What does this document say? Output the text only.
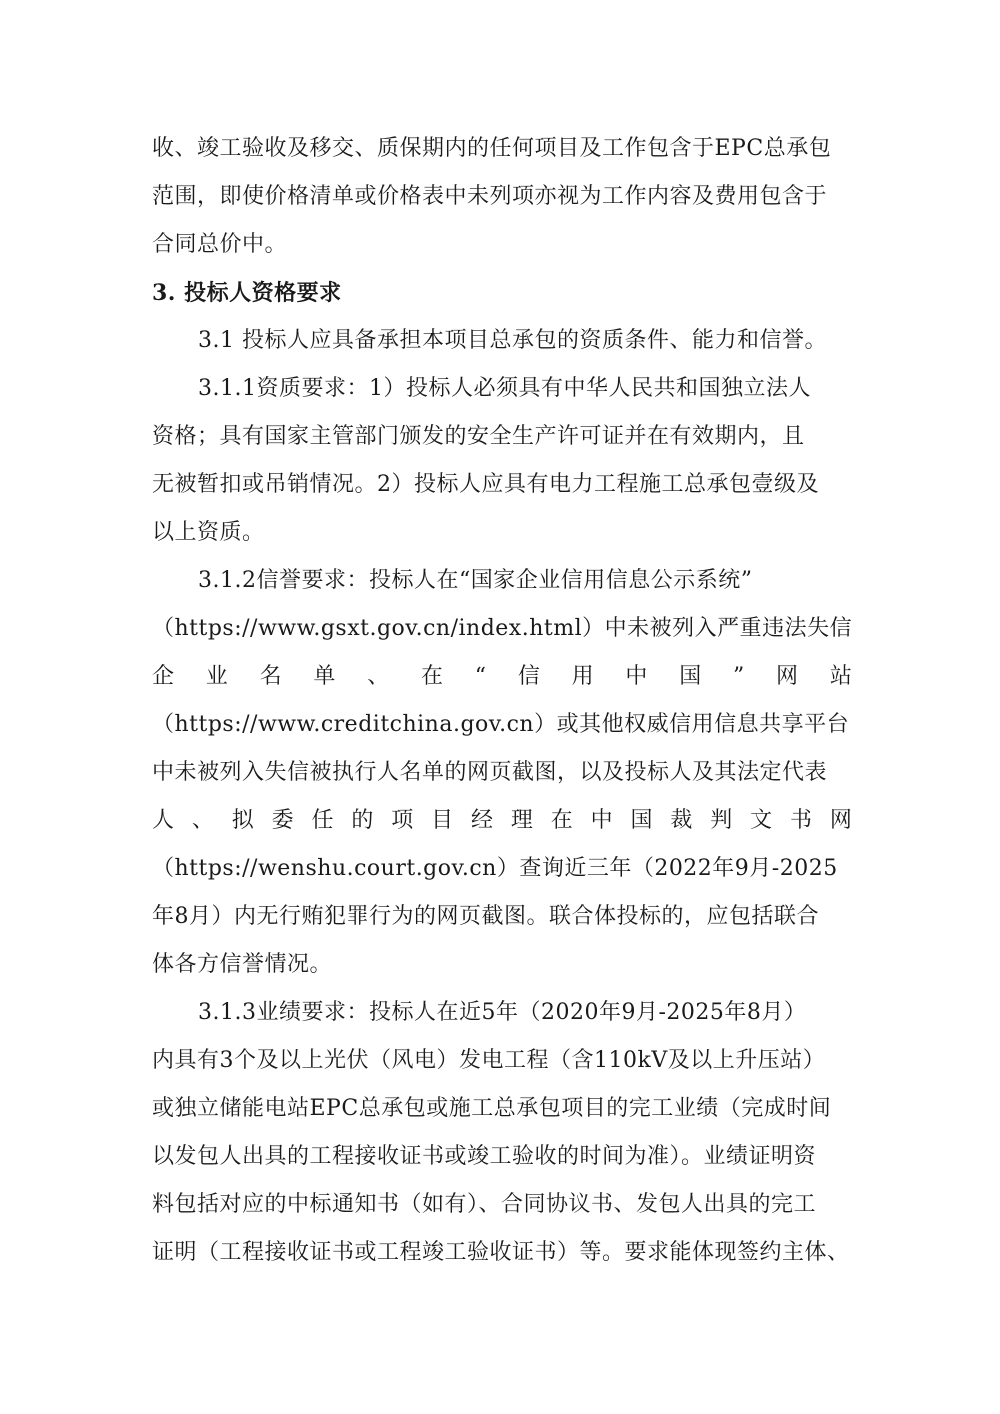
收、竣工验收及移交、质保期内的任何项目及工作包含于EPC总承包
范围，即使价格清单或价格表中未列项亦视为工作内容及费用包含于
合同总价中。
3. 投标人资格要求
3.1 投标人应具备承担本项目总承包的资质条件、能力和信誉。
3.1.1资质要求：1）投标人必须具有中华人民共和国独立法人
资格；具有国家主管部门颁发的安全生产许可证并在有效期内，且
无被暂扣或吊销情况。2）投标人应具有电力工程施工总承包壹级及
以上资质。
3.1.2信誉要求：投标人在“国家企业信用信息公示系统”
（https://www.gsxt.gov.cn/index.html）中未被列入严重违法失信
企 业 名 单 、 在 “ 信 用 中 国 ” 网 站
（https://www.creditchina.gov.cn）或其他权威信用信息共享平台
中未被列入失信被执行人名单的网页截图，以及投标人及其法定代表
人 、 拟 委 任 的 项 目 经 理 在 中 国 裁 判 文 书 网
（https://wenshu.court.gov.cn）查询近三年（2022年9月-2025
年8月）内无行贿犯罪行为的网页截图。联合体投标的，应包括联合
体各方信誉情况。
3.1.3业绩要求：投标人在近5年（2020年9月-2025年8月）
内具有3个及以上光伏（风电）发电工程（含110kV及以上升压站）
或独立储能电站EPC总承包或施工总承包项目的完工业绩（完成时间
以发包人出具的工程接收证书或竣工验收的时间为准）。业绩证明资
料包括对应的中标通知书（如有）、合同协议书、发包人出具的完工
证明（工程接收证书或工程竣工验收证书）等。要求能体现签约主体、
